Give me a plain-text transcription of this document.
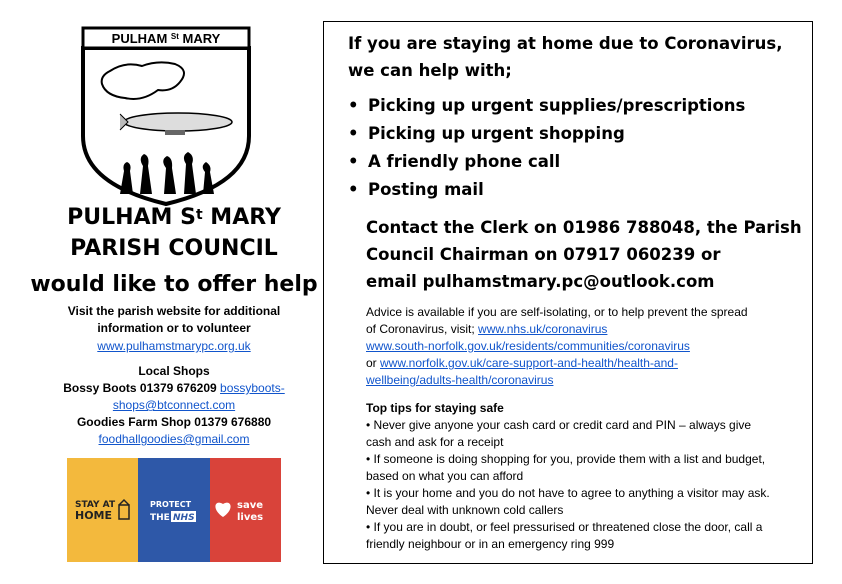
PULHAM $^{St}$ MARY
PULHAM $S^t$ MARY
PARISH COUNCIL
would like to offer help
Visit the parish website for additional
information or to volunteer
www.pulhamstmarypc.org.uk
Local Shops
Bossy Boots 01379 676209 bossyboots-
shops@btconnect.com
Goodies Farm Shop 01379 676880
foodhallgoodies@gmail.com
STAY AT
HOME
PROTECT
THE NHS
save
lives
If you are staying at home due to Coronavirus,
we can help with;
• Picking up urgent supplies/prescriptions
• Picking up urgent shopping
• A friendly phone call
• Posting mail
Contact the Clerk on 01986 788048, the Parish
Council Chairman on 07917 060239 or
email pulhamstmary.pc@outlook.com
Advice is available if you are self-isolating, or to help prevent the spread
of Coronavirus, visit; www.nhs.uk/coronavirus
www.south-norfolk.gov.uk/residents/communities/coronavirus
or www.norfolk.gov.uk/care-support-and-health/health-and-
wellbeing/adults-health/coronavirus
Top tips for staying safe

• Never give anyone your cash card or credit card and PIN – always give

cash and ask for a receipt

• If someone is doing shopping for you, provide them with a list and budget,

based on what you can afford

• It is your home and you do not have to agree to anything a visitor may ask.

Never deal with unknown cold callers

• If you are in doubt, or feel pressurised or threatened close the door, call a

friendly neighbour or in an emergency ring 999
